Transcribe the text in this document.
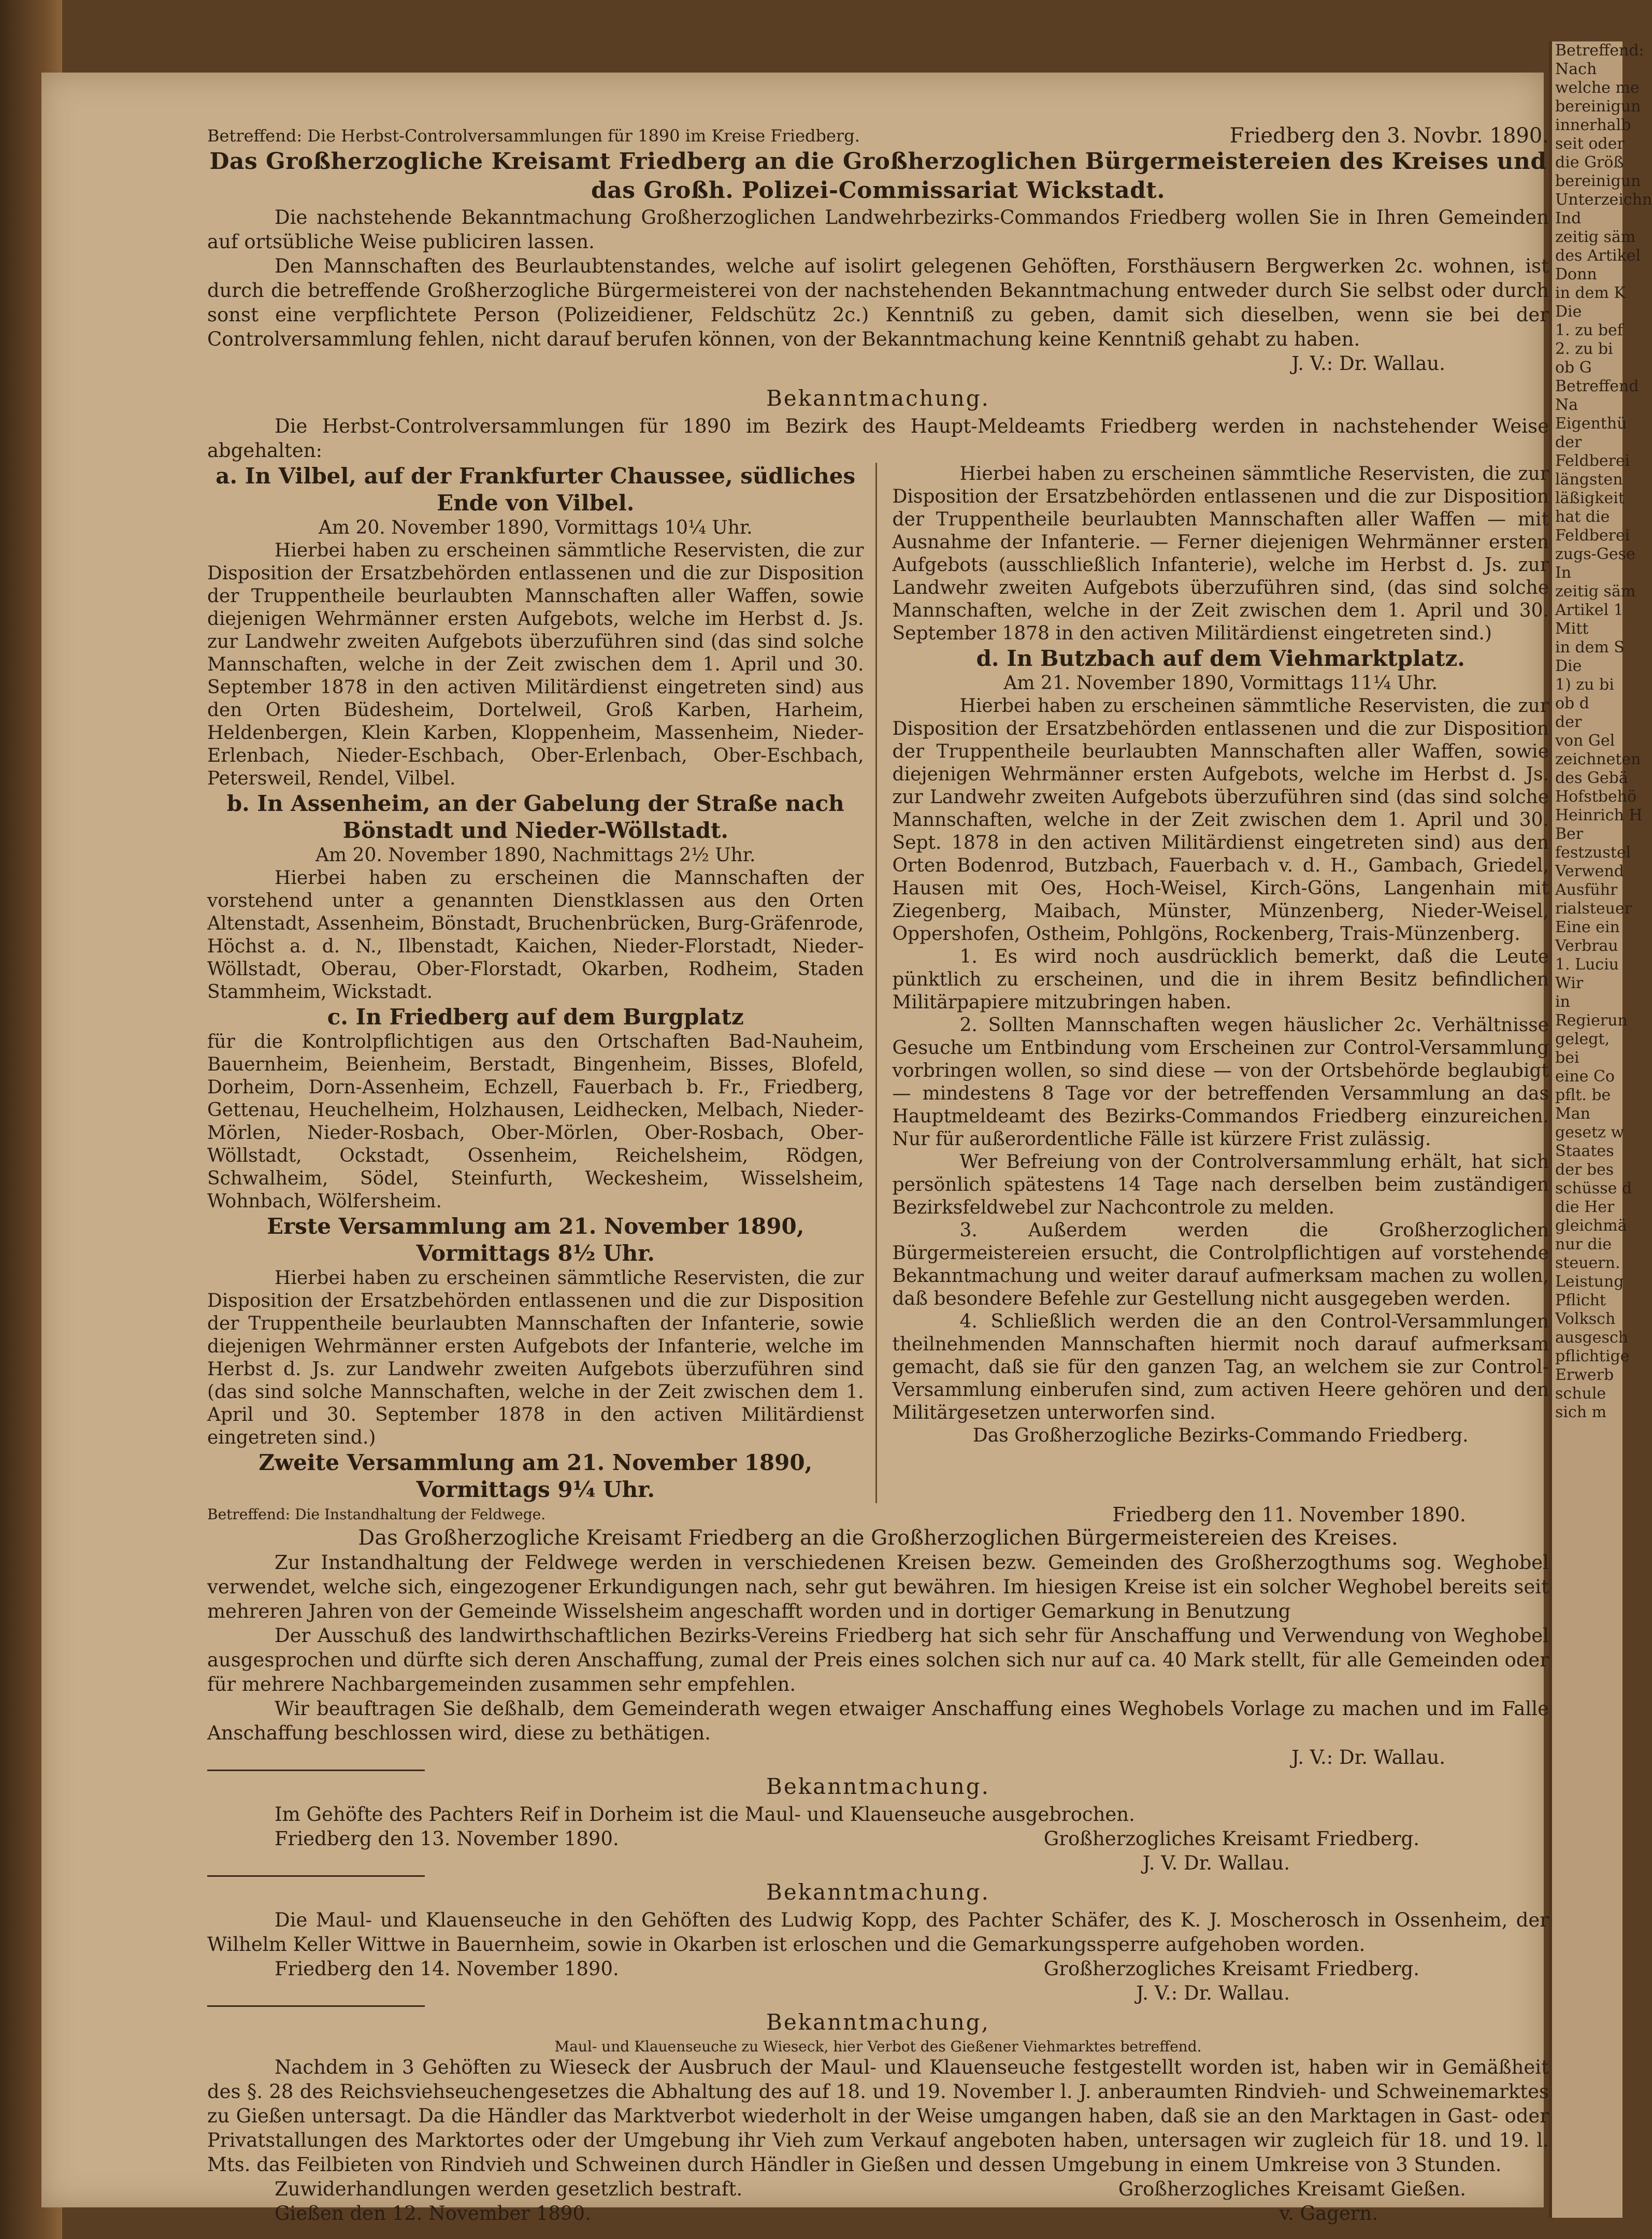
Betreffend:
Nach
welche me
bereinigun
innerhalb
seit oder
die Größ
bereinigun
Unterzeichn
Ind
zeitig säm
des Artikel
Donn
in dem K
Die
1. zu bef
2. zu bi
ob G
Betreffend
Na
Eigenthü
der
Feldberei
längsten
läßigkeit
hat die
Feldberei
zugs-Gese
In
zeitig säm
Artikel 1
Mitt
in dem S
Die
1) zu bi
ob d
der
von Gel
zeichneten
des Gebä
Hofstbehö
Heinrich H
Ber
festzustel
Verwend
Ausführ
rialsteuer
Eine ein
Verbrau
1. Luciu
Wir
in
Regierun
gelegt,
bei
eine Co
pflt. be
Man
gesetz w
Staates
der bes
schüsse d
die Her
gleichmä
nur die
steuern.
Leistung
Pflicht
Volksch
ausgesch
pflichtige
Erwerb
schule
sich m
Betreffend: Die Herbst-Controlversammlungen für 1890 im Kreise Friedberg.	Friedberg den 3. Novbr. 1890.
Das Großherzogliche Kreisamt Friedberg an die Großherzoglichen Bürgermeistereien des Kreises und das Großh. Polizei-Commissariat Wickstadt.

Die nachstehende Bekanntmachung Großherzoglichen Landwehrbezirks-Commandos Friedberg wollen Sie in Ihren Gemeinden auf ortsübliche Weise publiciren lassen.

Den Mannschaften des Beurlaubtenstandes, welche auf isolirt gelegenen Gehöften, Forsthäusern Bergwerken 2c. wohnen, ist durch die betreffende Großherzogliche Bürgermeisterei von der nachstehenden Bekanntmachung entweder durch Sie selbst oder durch sonst eine verpflichtete Person (Polizeidiener, Feldschütz 2c.) Kenntniß zu geben, damit sich dieselben, wenn sie bei der Controlversammlung fehlen, nicht darauf berufen können, von der Bekanntmachung keine Kenntniß gehabt zu haben.

J. V.: Dr. Wallau.

Bekanntmachung.

Die Herbst-Controlversammlungen für 1890 im Bezirk des Haupt-Meldeamts Friedberg werden in nachstehender Weise abgehalten:

a. In Vilbel, auf der Frankfurter Chaussee, südliches Ende von Vilbel.

Am 20. November 1890, Vormittags 10¼ Uhr.

Hierbei haben zu erscheinen sämmtliche Reservisten, die zur Disposition der Ersatzbehörden entlassenen und die zur Disposition der Truppentheile beurlaubten Mannschaften aller Waffen, sowie diejenigen Wehrmänner ersten Aufgebots, welche im Herbst d. Js. zur Landwehr zweiten Aufgebots überzuführen sind (das sind solche Mannschaften, welche in der Zeit zwischen dem 1. April und 30. September 1878 in den activen Militärdienst eingetreten sind) aus den Orten Büdesheim, Dortelweil, Groß Karben, Harheim, Heldenbergen, Klein Karben, Kloppenheim, Massenheim, Nieder-Erlenbach, Nieder-Eschbach, Ober-Erlenbach, Ober-Eschbach, Petersweil, Rendel, Vilbel.

b. In Assenheim, an der Gabelung der Straße nach Bönstadt und Nieder-Wöllstadt.

Am 20. November 1890, Nachmittags 2½ Uhr.

Hierbei haben zu erscheinen die Mannschaften der vorstehend unter a genannten Dienstklassen aus den Orten Altenstadt, Assenheim, Bönstadt, Bruchenbrücken, Burg-Gräfenrode, Höchst a. d. N., Ilbenstadt, Kaichen, Nieder-Florstadt, Nieder-Wöllstadt, Oberau, Ober-Florstadt, Okarben, Rodheim, Staden Stammheim, Wickstadt.

c. In Friedberg auf dem Burgplatz

für die Kontrolpflichtigen aus den Ortschaften Bad-Nauheim, Bauernheim, Beienheim, Berstadt, Bingenheim, Bisses, Blofeld, Dorheim, Dorn-Assenheim, Echzell, Fauerbach b. Fr., Friedberg, Gettenau, Heuchelheim, Holzhausen, Leidhecken, Melbach, Nieder-Mörlen, Nieder-Rosbach, Ober-Mörlen, Ober-Rosbach, Ober-Wöllstadt, Ockstadt, Ossenheim, Reichelsheim, Rödgen, Schwalheim, Södel, Steinfurth, Weckesheim, Wisselsheim, Wohnbach, Wölfersheim.

Erste Versammlung am 21. November 1890, Vormittags 8½ Uhr.

Hierbei haben zu erscheinen sämmtliche Reservisten, die zur Disposition der Ersatzbehörden entlassenen und die zur Disposition der Truppentheile beurlaubten Mannschaften der Infanterie, sowie diejenigen Wehrmänner ersten Aufgebots der Infanterie, welche im Herbst d. Js. zur Landwehr zweiten Aufgebots überzuführen sind (das sind solche Mannschaften, welche in der Zeit zwischen dem 1. April und 30. September 1878 in den activen Militärdienst eingetreten sind.)

Zweite Versammlung am 21. November 1890, Vormittags 9¼ Uhr.

Hierbei haben zu erscheinen sämmtliche Reservisten, die zur Disposition der Ersatzbehörden entlassenen und die zur Disposition der Truppentheile beurlaubten Mannschaften aller Waffen — mit Ausnahme der Infanterie. — Ferner diejenigen Wehrmänner ersten Aufgebots (ausschließlich Infanterie), welche im Herbst d. Js. zur Landwehr zweiten Aufgebots überzuführen sind, (das sind solche Mannschaften, welche in der Zeit zwischen dem 1. April und 30. September 1878 in den activen Militärdienst eingetreten sind.)

d. In Butzbach auf dem Viehmarktplatz.

Am 21. November 1890, Vormittags 11¼ Uhr.

Hierbei haben zu erscheinen sämmtliche Reservisten, die zur Disposition der Ersatzbehörden entlassenen und die zur Disposition der Truppentheile beurlaubten Mannschaften aller Waffen, sowie diejenigen Wehrmänner ersten Aufgebots, welche im Herbst d. Js. zur Landwehr zweiten Aufgebots überzuführen sind (das sind solche Mannschaften, welche in der Zeit zwischen dem 1. April und 30. Sept. 1878 in den activen Militärdienst eingetreten sind) aus den Orten Bodenrod, Butzbach, Fauerbach v. d. H., Gambach, Griedel, Hausen mit Oes, Hoch-Weisel, Kirch-Göns, Langenhain mit Ziegenberg, Maibach, Münster, Münzenberg, Nieder-Weisel, Oppershofen, Ostheim, Pohlgöns, Rockenberg, Trais-Münzenberg.

1. Es wird noch ausdrücklich bemerkt, daß die Leute pünktlich zu erscheinen, und die in ihrem Besitz befindlichen Militärpapiere mitzubringen haben.

2. Sollten Mannschaften wegen häuslicher 2c. Verhältnisse Gesuche um Entbindung vom Erscheinen zur Control-Versammlung vorbringen wollen, so sind diese — von der Ortsbehörde beglaubigt — mindestens 8 Tage vor der betreffenden Versammlung an das Hauptmeldeamt des Bezirks-Commandos Friedberg einzureichen. Nur für außerordentliche Fälle ist kürzere Frist zulässig.

Wer Befreiung von der Controlversammlung erhält, hat sich persönlich spätestens 14 Tage nach derselben beim zuständigen Bezirksfeldwebel zur Nachcontrole zu melden.

3. Außerdem werden die Großherzoglichen Bürgermeistereien ersucht, die Controlpflichtigen auf vorstehende Bekanntmachung und weiter darauf aufmerksam machen zu wollen, daß besondere Befehle zur Gestellung nicht ausgegeben werden.

4. Schließlich werden die an den Control-Versammlungen theilnehmenden Mannschaften hiermit noch darauf aufmerksam gemacht, daß sie für den ganzen Tag, an welchem sie zur Control-Versammlung einberufen sind, zum activen Heere gehören und den Militärgesetzen unterworfen sind.

Das Großherzogliche Bezirks-Commando Friedberg.

Betreffend: Die Instandhaltung der Feldwege.	Friedberg den 11. November 1890.
Das Großherzogliche Kreisamt Friedberg an die Großherzoglichen Bürgermeistereien des Kreises.

Zur Instandhaltung der Feldwege werden in verschiedenen Kreisen bezw. Gemeinden des Großherzogthums sog. Weghobel verwendet, welche sich, eingezogener Erkundigungen nach, sehr gut bewähren. Im hiesigen Kreise ist ein solcher Weghobel bereits seit mehreren Jahren von der Gemeinde Wisselsheim angeschafft worden und in dortiger Gemarkung in Benutzung

Der Ausschuß des landwirthschaftlichen Bezirks-Vereins Friedberg hat sich sehr für Anschaffung und Verwendung von Weghobel ausgesprochen und dürfte sich deren Anschaffung, zumal der Preis eines solchen sich nur auf ca. 40 Mark stellt, für alle Gemeinden oder für mehrere Nachbargemeinden zusammen sehr empfehlen.

Wir beauftragen Sie deßhalb, dem Gemeinderath wegen etwaiger Anschaffung eines Weghobels Vorlage zu machen und im Falle Anschaffung beschlossen wird, diese zu bethätigen.

J. V.: Dr. Wallau.

Bekanntmachung.

Im Gehöfte des Pachters Reif in Dorheim ist die Maul- und Klauenseuche ausgebrochen.

Friedberg den 13. November 1890.	Großherzogliches Kreisamt Friedberg.

J. V. Dr. Wallau.

Bekanntmachung.

Die Maul- und Klauenseuche in den Gehöften des Ludwig Kopp, des Pachter Schäfer, des K. J. Moscherosch in Ossenheim, der Wilhelm Keller Wittwe in Bauernheim, sowie in Okarben ist erloschen und die Gemarkungssperre aufgehoben worden.

Friedberg den 14. November 1890.	Großherzogliches Kreisamt Friedberg.

J. V.: Dr. Wallau.

Bekanntmachung,

Maul- und Klauenseuche zu Wieseck, hier Verbot des Gießener Viehmarktes betreffend.

Nachdem in 3 Gehöften zu Wieseck der Ausbruch der Maul- und Klauenseuche festgestellt worden ist, haben wir in Gemäßheit des §. 28 des Reichsviehseuchengesetzes die Abhaltung des auf 18. und 19. November l. J. anberaumten Rindvieh- und Schweinemarktes zu Gießen untersagt. Da die Händler das Marktverbot wiederholt in der Weise umgangen haben, daß sie an den Marktagen in Gast- oder Privatstallungen des Marktortes oder der Umgebung ihr Vieh zum Verkauf angeboten haben, untersagen wir zugleich für 18. und 19. l. Mts. das Feilbieten von Rindvieh und Schweinen durch Händler in Gießen und dessen Umgebung in einem Umkreise von 3 Stunden.

Zuwiderhandlungen werden gesetzlich bestraft.	Großherzogliches Kreisamt Gießen.
Gießen den 12. November 1890.	v. Gagern.
